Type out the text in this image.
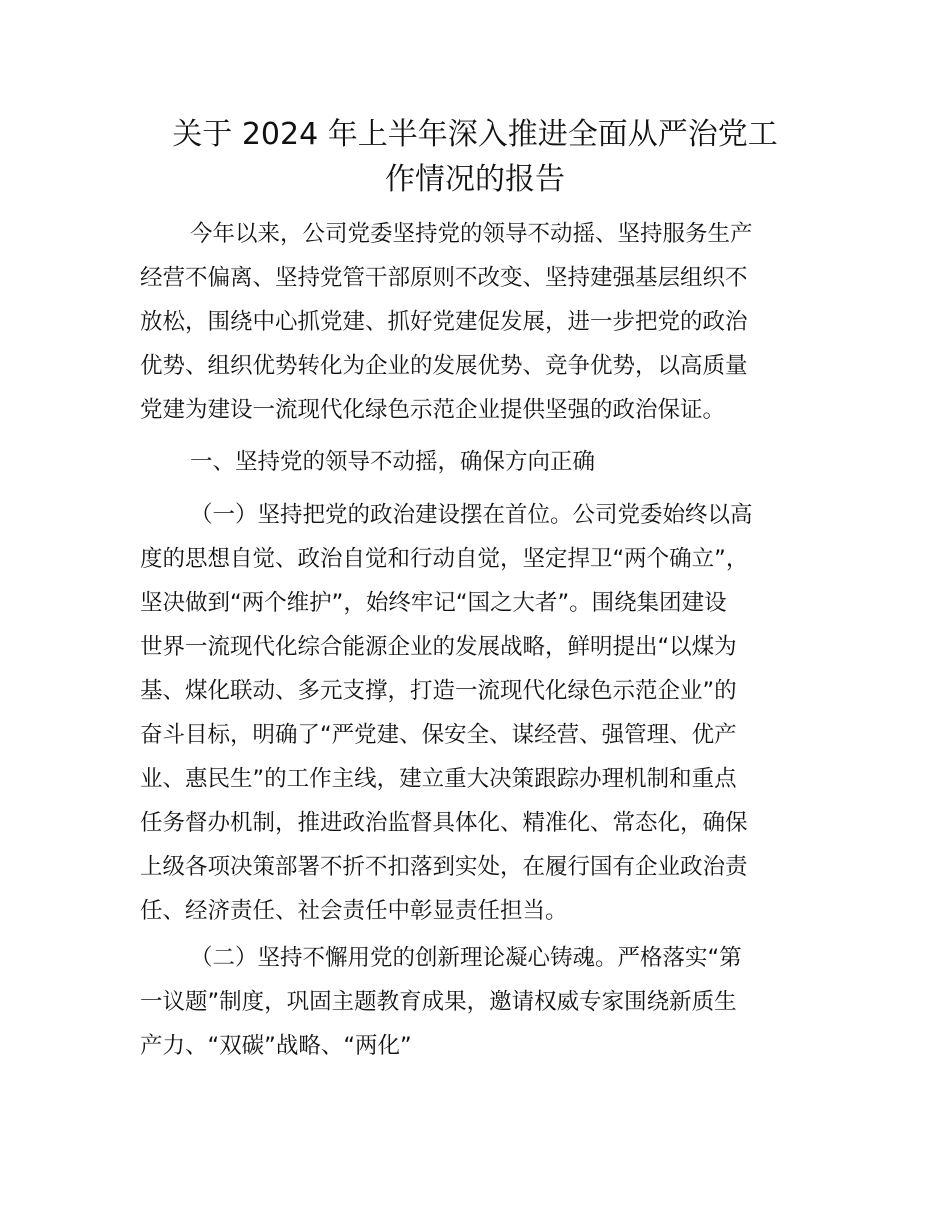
关于 2024 年上半年深入推进全面从严治党工
作情况的报告

今年以来，公司党委坚持党的领导不动摇、坚持服务生产

经营不偏离、坚持党管干部原则不改变、坚持建强基层组织不

放松，围绕中心抓党建、抓好党建促发展，进一步把党的政治

优势、组织优势转化为企业的发展优势、竞争优势，以高质量

党建为建设一流现代化绿色示范企业提供坚强的政治保证。

一、坚持党的领导不动摇，确保方向正确

（一）坚持把党的政治建设摆在首位。公司党委始终以高

度的思想自觉、政治自觉和行动自觉，坚定捍卫“两个确立”，

坚决做到“两个维护”，始终牢记“国之大者”。围绕集团建设

世界一流现代化综合能源企业的发展战略，鲜明提出“以煤为

基、煤化联动、多元支撑，打造一流现代化绿色示范企业”的

奋斗目标，明确了“严党建、保安全、谋经营、强管理、优产

业、惠民生”的工作主线，建立重大决策跟踪办理机制和重点

任务督办机制，推进政治监督具体化、精准化、常态化，确保

上级各项决策部署不折不扣落到实处，在履行国有企业政治责

任、经济责任、社会责任中彰显责任担当。

（二）坚持不懈用党的创新理论凝心铸魂。严格落实“第

一议题”制度，巩固主题教育成果，邀请权威专家围绕新质生

产力、“双碳”战略、“两化”
